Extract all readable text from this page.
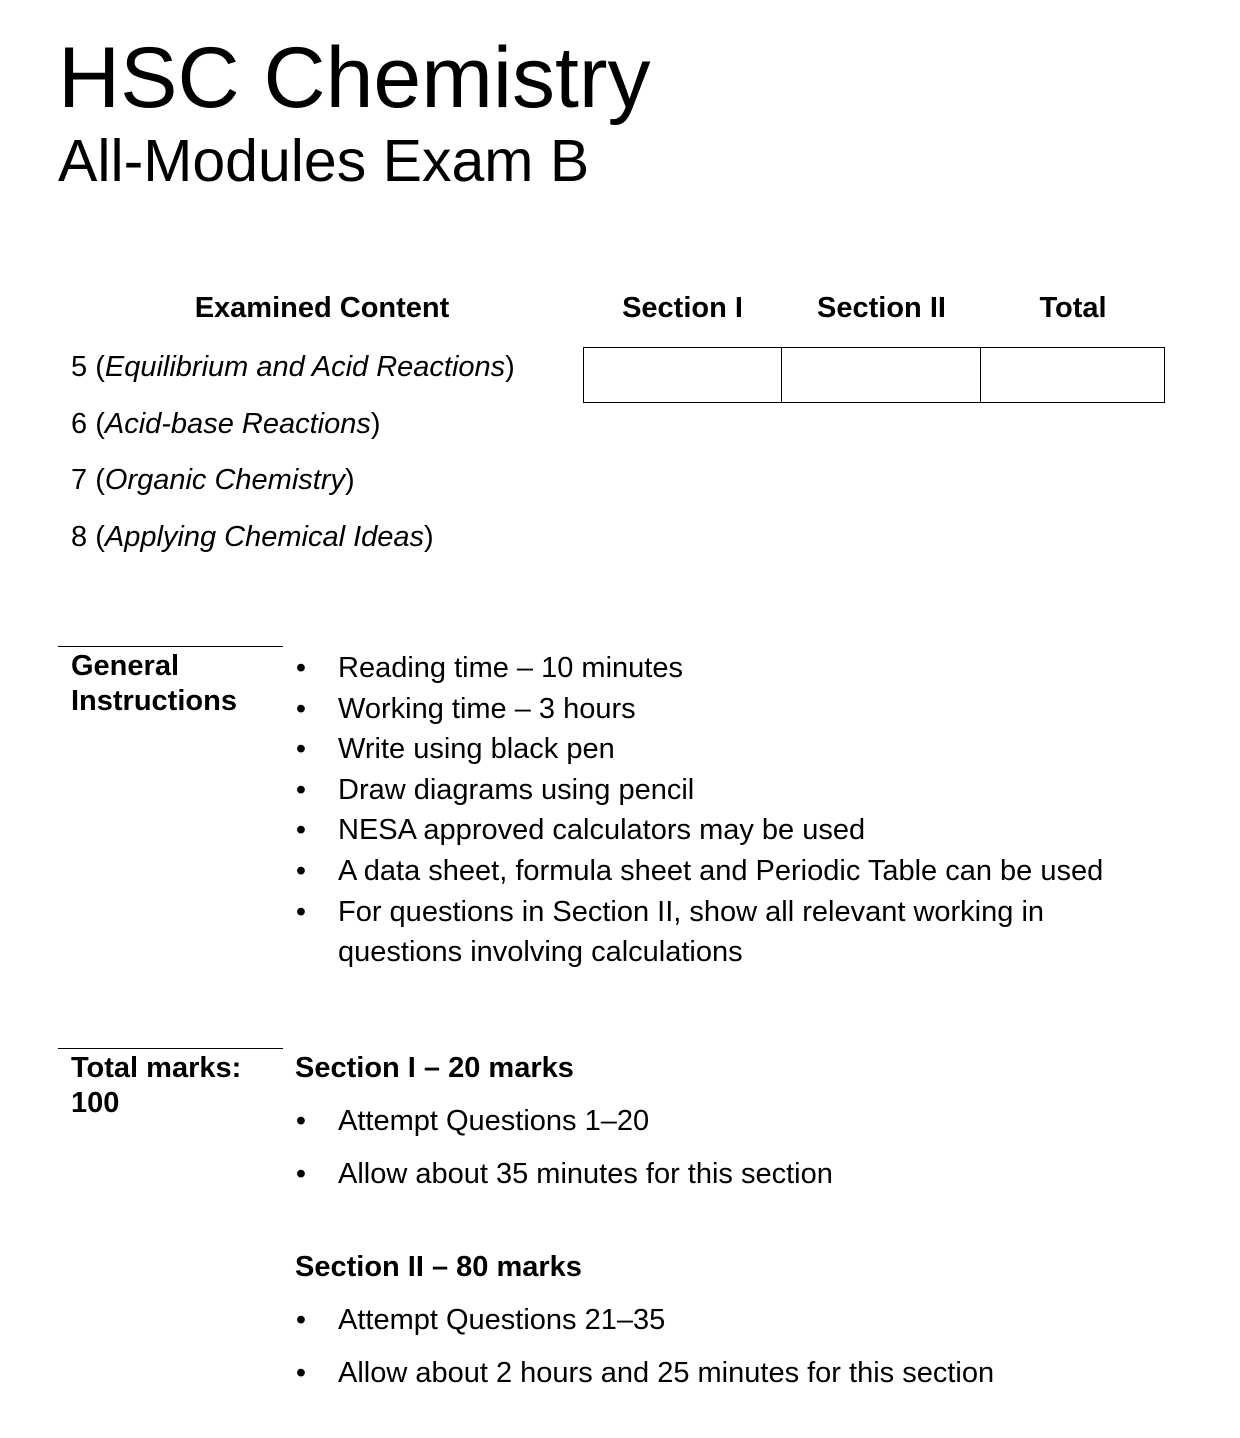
HSC Chemistry
All-Modules Exam B
Examined Content	Section I	Section II	Total
5 (Equilibrium and Acid Reactions)
6 (Acid-base Reactions)
7 (Organic Chemistry)
8 (Applying Chemical Ideas)
General Instructions
• Reading time – 10 minutes
• Working time – 3 hours
• Write using black pen
• Draw diagrams using pencil
• NESA approved calculators may be used
• A data sheet, formula sheet and Periodic Table can be used
• For questions in Section II, show all relevant working in questions involving calculations
Total marks: 100
Section I – 20 marks
• Attempt Questions 1–20
• Allow about 35 minutes for this section
Section II – 80 marks
• Attempt Questions 21–35
• Allow about 2 hours and 25 minutes for this section
